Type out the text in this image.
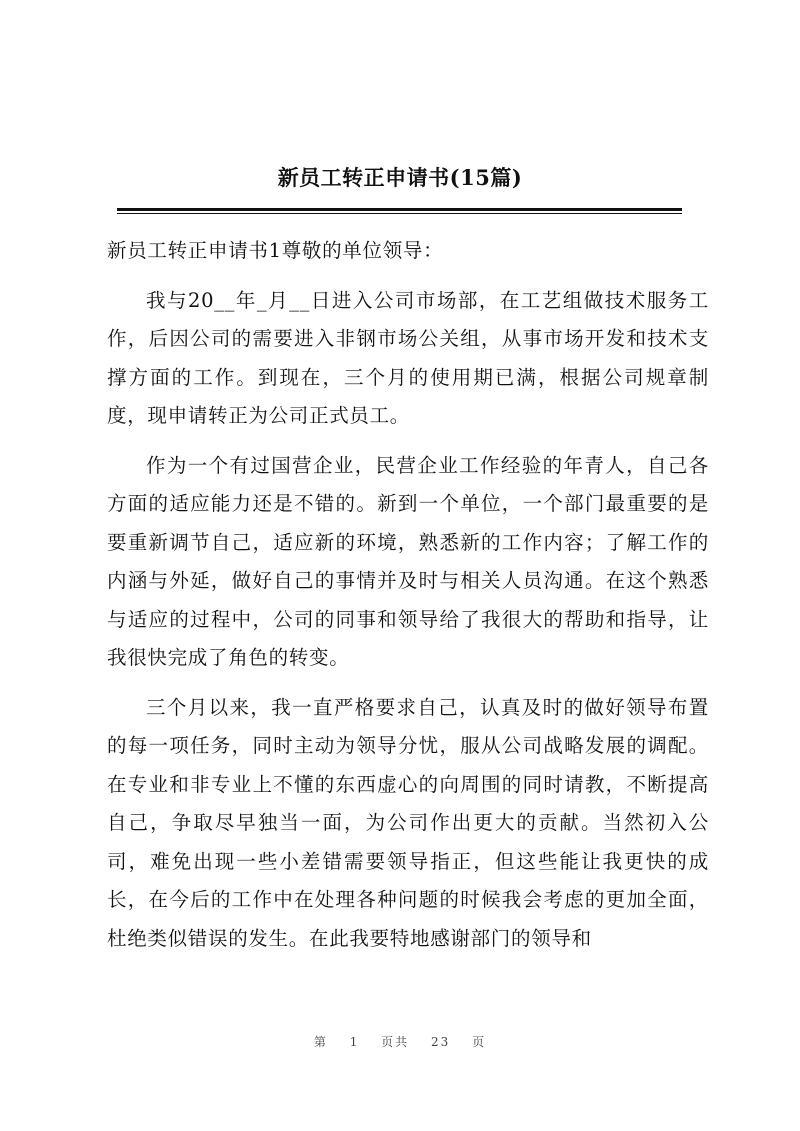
新员工转正申请书(15篇)

新员工转正申请书1尊敬的单位领导：

我与20__年_月__日进入公司市场部，在工艺组做技术服务工作，后因公司的需要进入非钢市场公关组，从事市场开发和技术支撑方面的工作。到现在，三个月的使用期已满，根据公司规章制度，现申请转正为公司正式员工。

作为一个有过国营企业，民营企业工作经验的年青人，自己各方面的适应能力还是不错的。新到一个单位，一个部门最重要的是要重新调节自己，适应新的环境，熟悉新的工作内容；了解工作的内涵与外延，做好自己的事情并及时与相关人员沟通。在这个熟悉与适应的过程中，公司的同事和领导给了我很大的帮助和指导，让我很快完成了角色的转变。

三个月以来，我一直严格要求自己，认真及时的做好领导布置的每一项任务，同时主动为领导分忧，服从公司战略发展的调配。在专业和非专业上不懂的东西虚心的向周围的同时请教，不断提高自己，争取尽早独当一面，为公司作出更大的贡献。当然初入公司，难免出现一些小差错需要领导指正，但这些能让我更快的成长，在今后的工作中在处理各种问题的时候我会考虑的更加全面，杜绝类似错误的发生。在此我要特地感谢部门的领导和

第 1 页共 23 页
